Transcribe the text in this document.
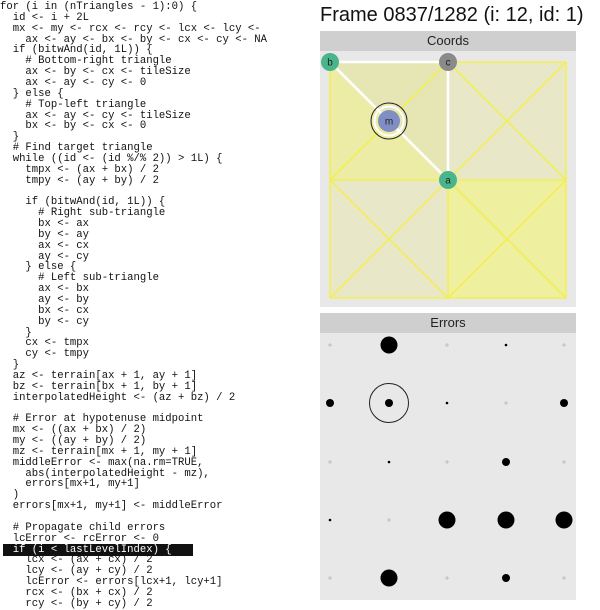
for (i in (nTriangles - 1):0) {
id <- i + 2L
mx <- my <- rcx <- rcy <- lcx <- lcy <-
ax <- ay <- bx <- by <- cx <- cy <- NA
if (bitwAnd(id, 1L)) {
# Bottom-right triangle
ax <- by <- cx <- tileSize
ax <- ay <- cy <- 0
} else {
# Top-left triangle
ax <- ay <- cy <- tileSize
bx <- by <- cx <- 0
}
# Find target triangle
while ((id <- (id %/% 2)) > 1L) {
tmpx <- (ax + bx) / 2
tmpy <- (ay + by) / 2
if (bitwAnd(id, 1L)) {
# Right sub-triangle
bx <- ax
by <- ay
ax <- cx
ay <- cy
} else {
# Left sub-triangle
ax <- bx
ay <- by
bx <- cx
by <- cy
}
cx <- tmpx
cy <- tmpy
}
az <- terrain[ax + 1, ay + 1]
bz <- terrain[bx + 1, by + 1]
interpolatedHeight <- (az + bz) / 2
# Error at hypotenuse midpoint
mx <- ((ax + bx) / 2)
my <- ((ay + by) / 2)
mz <- terrain[mx + 1, my + 1]
middleError <- max(na.rm=TRUE,
abs(interpolatedHeight - mz),
errors[mx+1, my+1]
)
errors[mx+1, my+1] <- middleError
# Propagate child errors
lcError <- rcError <- 0
if (i < lastLevelIndex) {
lcx <- (ax + cx) / 2
lcy <- (ay + cy) / 2
lcError <- errors[lcx+1, lcy+1]
rcx <- (bx + cx) / 2
rcy <- (by + cy) / 2
Frame 0837/1282 (i: 12, id: 1)
Coords
b	c
m
a
Errors
